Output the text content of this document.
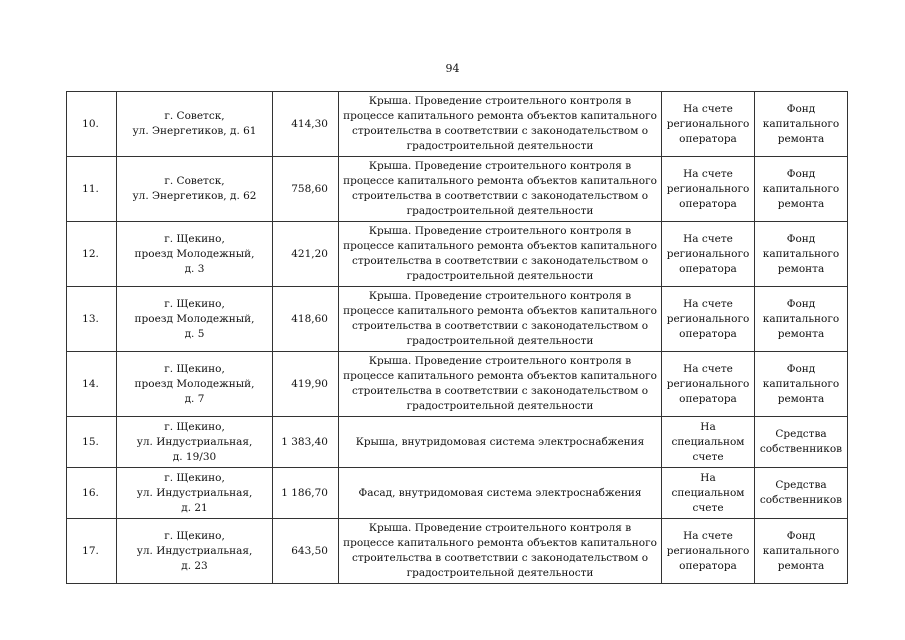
94
10.	г. Советск,
ул. Энергетиков, д. 61	414,30	Крыша. Проведение строительного контроля в процессе капитального ремонта объектов капитального строительства в соответствии с законодательством о градостроительной деятельности	На счете
регионального
оператора	Фонд
капитального
ремонта
11.	г. Советск,
ул. Энергетиков, д. 62	758,60	Крыша. Проведение строительного контроля в процессе капитального ремонта объектов капитального строительства в соответствии с законодательством о градостроительной деятельности	На счете
регионального
оператора	Фонд
капитального
ремонта
12.	г. Щекино,
проезд Молодежный,
д. 3	421,20	Крыша. Проведение строительного контроля в процессе капитального ремонта объектов капитального строительства в соответствии с законодательством о градостроительной деятельности	На счете
регионального
оператора	Фонд
капитального
ремонта
13.	г. Щекино,
проезд Молодежный,
д. 5	418,60	Крыша. Проведение строительного контроля в процессе капитального ремонта объектов капитального строительства в соответствии с законодательством о градостроительной деятельности	На счете
регионального
оператора	Фонд
капитального
ремонта
14.	г. Щекино,
проезд Молодежный,
д. 7	419,90	Крыша. Проведение строительного контроля в процессе капитального ремонта объектов капитального строительства в соответствии с законодательством о градостроительной деятельности	На счете
регионального
оператора	Фонд
капитального
ремонта
15.	г. Щекино,
ул. Индустриальная,
д. 19/30	1 383,40	Крыша, внутридомовая система электроснабжения	На
специальном
счете	Средства
собственников
16.	г. Щекино,
ул. Индустриальная,
д. 21	1 186,70	Фасад, внутридомовая система электроснабжения	На
специальном
счете	Средства
собственников
17.	г. Щекино,
ул. Индустриальная,
д. 23	643,50	Крыша. Проведение строительного контроля в процессе капитального ремонта объектов капитального строительства в соответствии с законодательством о градостроительной деятельности	На счете
регионального
оператора	Фонд
капитального
ремонта
